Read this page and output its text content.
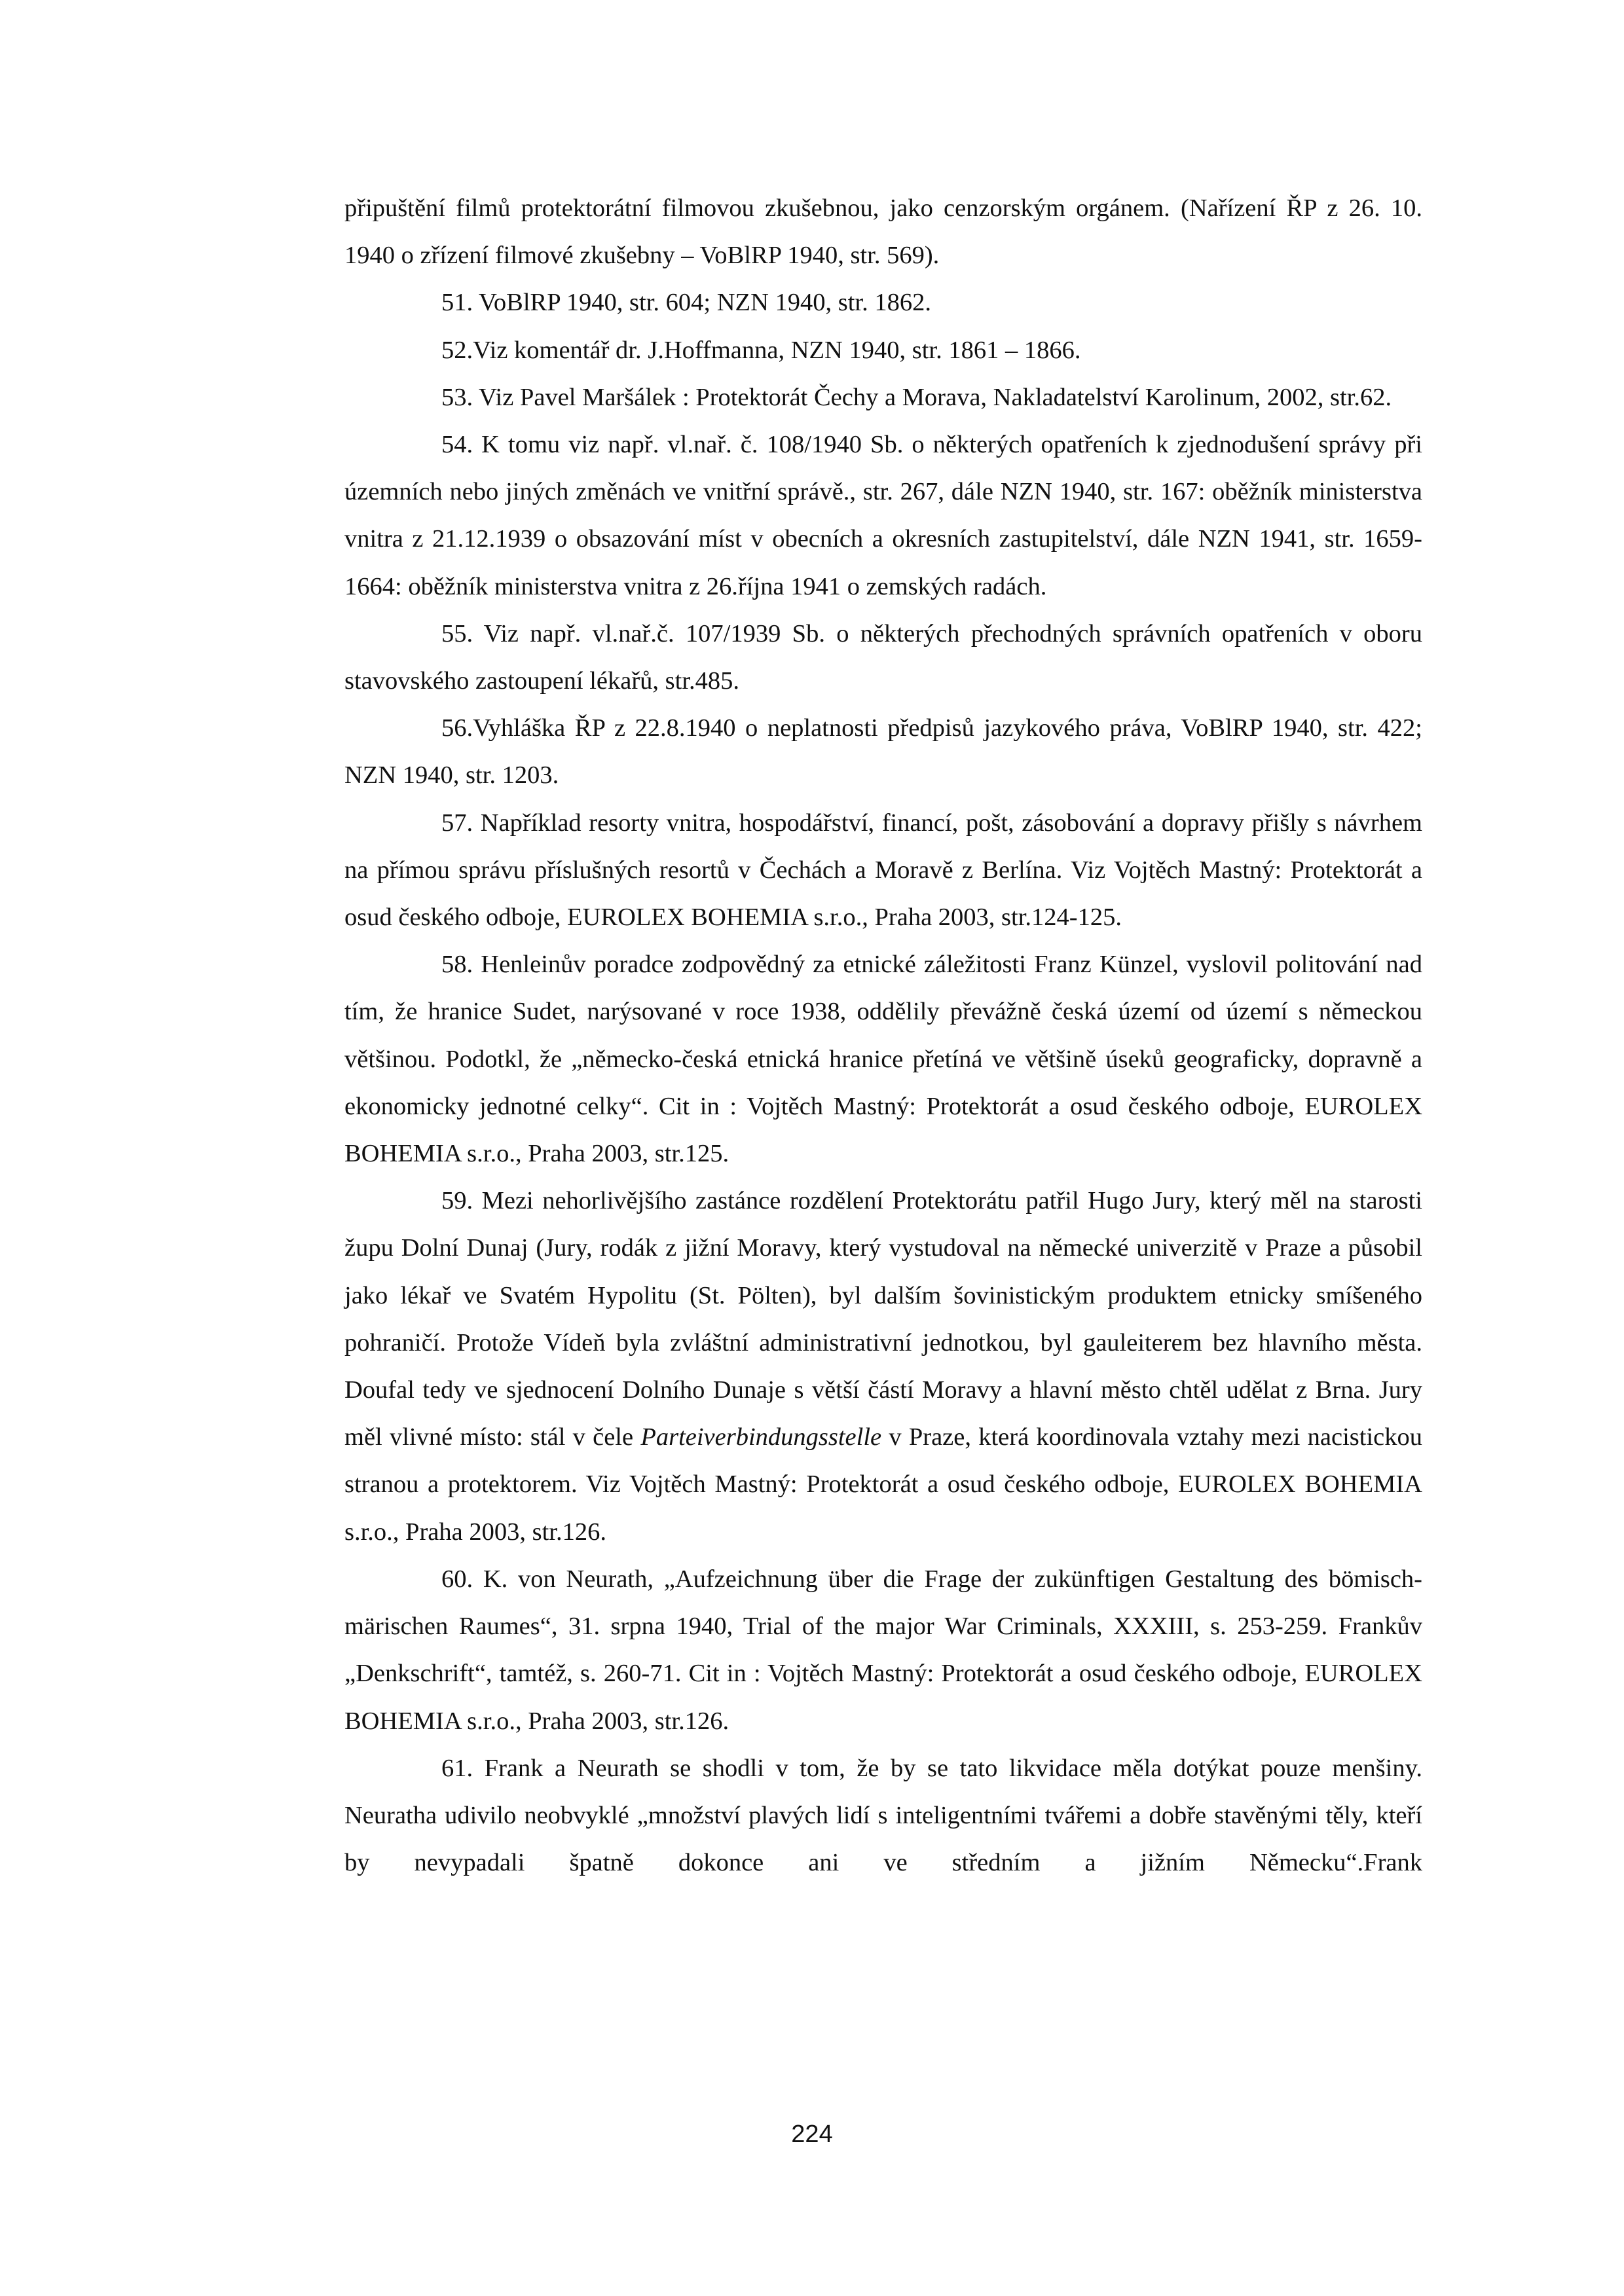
připuštění filmů protektorátní filmovou zkušebnou, jako cenzorským orgánem. (Nařízení ŘP z 26. 10. 1940 o zřízení filmové zkušebny – VoBlRP 1940, str. 569).

51. VoBlRP 1940, str. 604; NZN 1940, str. 1862.

52.Viz komentář dr. J.Hoffmanna, NZN 1940, str. 1861 – 1866.

53. Viz Pavel Maršálek : Protektorát Čechy a Morava, Nakladatelství Karolinum, 2002, str.62.

54. K tomu viz např. vl.nař. č. 108/1940 Sb. o některých opatřeních k zjednodušení správy při územních nebo jiných změnách ve vnitřní správě., str. 267, dále NZN 1940, str. 167: oběžník ministerstva vnitra z 21.12.1939 o obsazování míst v obecních a okresních zastupitelství, dále NZN 1941, str. 1659-1664: oběžník ministerstva vnitra z 26.října 1941 o zemských radách.

55. Viz např. vl.nař.č. 107/1939 Sb. o některých přechodných správních opatřeních v oboru stavovského zastoupení lékařů, str.485.

56.Vyhláška ŘP z 22.8.1940 o neplatnosti předpisů jazykového práva, VoBlRP 1940, str. 422; NZN 1940, str. 1203.

57. Například resorty vnitra, hospodářství, financí, pošt, zásobování a dopravy přišly s návrhem na přímou správu příslušných resortů v Čechách a Moravě z Berlína. Viz Vojtěch Mastný: Protektorát a osud českého odboje, EUROLEX BOHEMIA s.r.o., Praha 2003, str.124-125.

58. Henleinův poradce zodpovědný za etnické záležitosti Franz Künzel, vyslovil politování nad tím, že hranice Sudet, narýsované v roce 1938, oddělily převážně česká území od území s německou většinou. Podotkl, že „německo-česká etnická hranice přetíná ve většině úseků geograficky, dopravně a ekonomicky jednotné celky“. Cit in : Vojtěch Mastný: Protektorát a osud českého odboje, EUROLEX BOHEMIA s.r.o., Praha 2003, str.125.

59. Mezi nehorlivějšího zastánce rozdělení Protektorátu patřil Hugo Jury, který měl na starosti župu Dolní Dunaj (Jury, rodák z jižní Moravy, který vystudoval na německé univerzitě v Praze a působil jako lékař ve Svatém Hypolitu (St. Pölten), byl dalším šovinistickým produktem etnicky smíšeného pohraničí. Protože Vídeň byla zvláštní administrativní jednotkou, byl gauleiterem bez hlavního města. Doufal tedy ve sjednocení Dolního Dunaje s větší částí Moravy a hlavní město chtěl udělat z Brna. Jury měl vlivné místo: stál v čele Parteiverbindungsstelle v Praze, která koordinovala vztahy mezi nacistickou stranou a protektorem. Viz Vojtěch Mastný: Protektorát a osud českého odboje, EUROLEX BOHEMIA s.r.o., Praha 2003, str.126.

60. K. von Neurath, „Aufzeichnung über die Frage der zukünftigen Gestaltung des bömisch-märischen Raumes“, 31. srpna 1940, Trial of the major War Criminals, XXXIII, s. 253-259. Frankův „Denkschrift“, tamtéž, s. 260-71. Cit in : Vojtěch Mastný: Protektorát a osud českého odboje, EUROLEX BOHEMIA s.r.o., Praha 2003, str.126.

61. Frank a Neurath se shodli v tom, že by se tato likvidace měla dotýkat pouze menšiny. Neuratha udivilo neobvyklé „množství plavých lidí s inteligentními tvářemi a dobře stavěnými těly, kteří by nevypadali špatně dokonce ani ve středním a jižním Německu“.Frank

224
